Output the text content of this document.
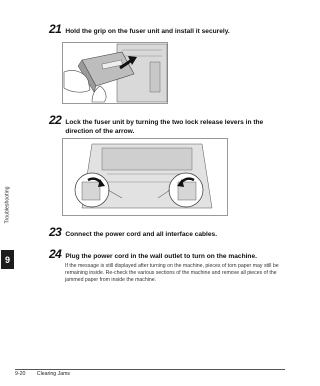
Troubleshooting
9
21 Hold the grip on the fuser unit and install it securely.
22 Lock the fuser unit by turning the two lock release levers in the
direction of the arrow.
23 Connect the power cord and all interface cables.
24 Plug the power cord in the wall outlet to turn on the machine.
If the message is still displayed after turning on the machine, pieces of torn paper may still be remaining inside. Re-check the various sections of the machine and remove all pieces of the jammed paper from inside the machine.
9-20 Clearing Jams
